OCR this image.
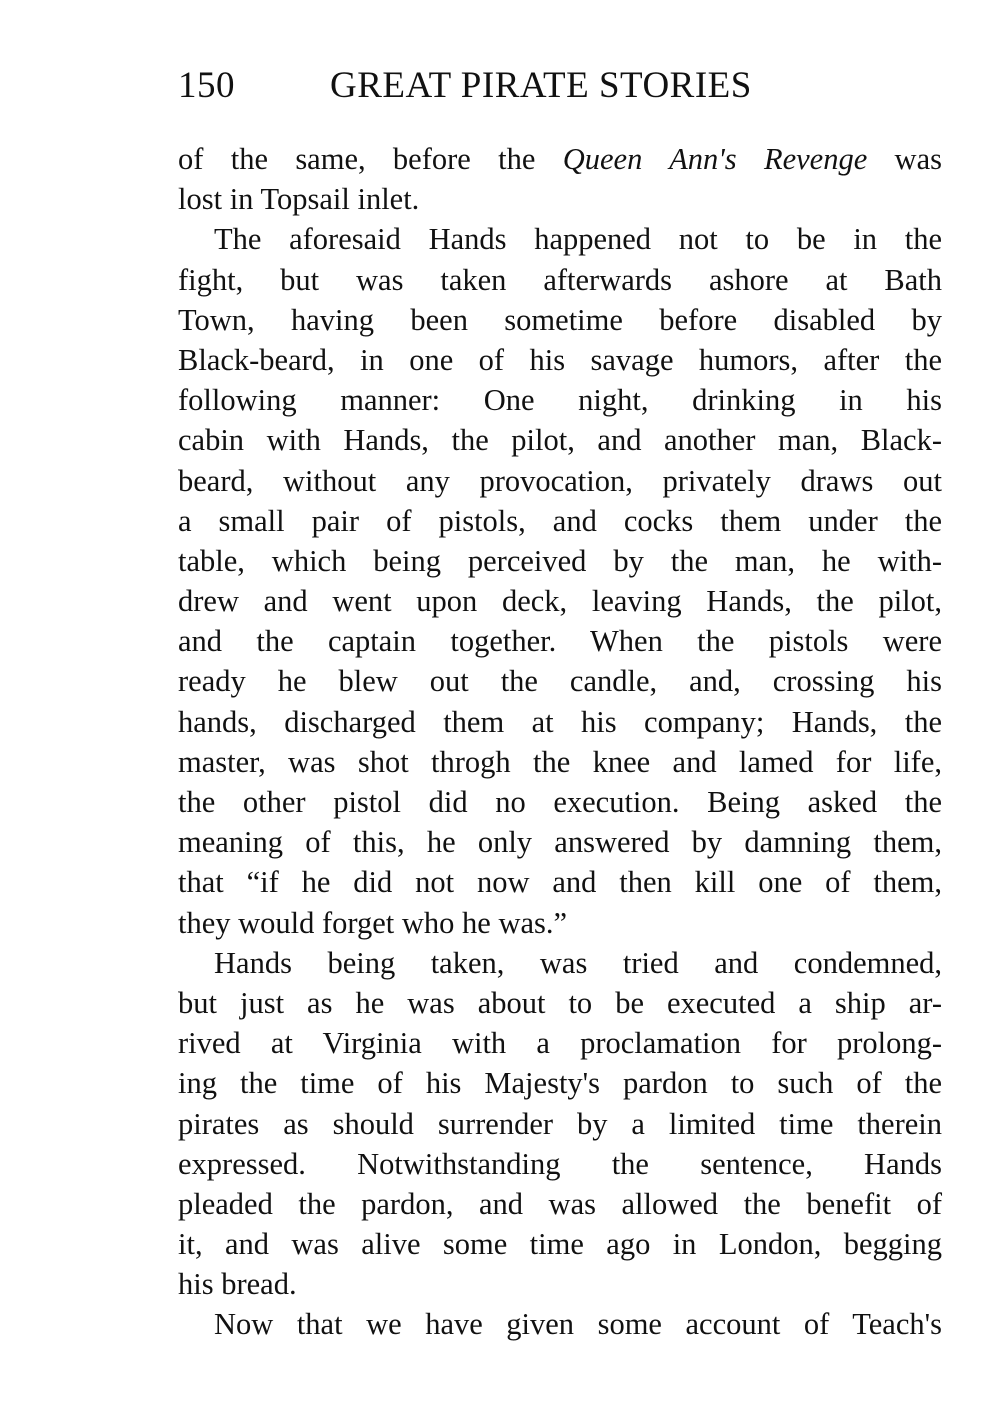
150	GREAT PIRATE STORIES
of the same, before the Queen Ann's Revenge was
lost in Topsail inlet.
The aforesaid Hands happened not to be in the
fight, but was taken afterwards ashore at Bath
Town, having been sometime before disabled by
Black-beard, in one of his savage humors, after the
following manner: One night, drinking in his
cabin with Hands, the pilot, and another man, Black-
beard, without any provocation, privately draws out
a small pair of pistols, and cocks them under the
table, which being perceived by the man, he with-
drew and went upon deck, leaving Hands, the pilot,
and the captain together. When the pistols were
ready he blew out the candle, and, crossing his
hands, discharged them at his company; Hands, the
master, was shot throgh the knee and lamed for life,
the other pistol did no execution. Being asked the
meaning of this, he only answered by damning them,
that “if he did not now and then kill one of them,
they would forget who he was.”
Hands being taken, was tried and condemned,
but just as he was about to be executed a ship ar-
rived at Virginia with a proclamation for prolong-
ing the time of his Majesty's pardon to such of the
pirates as should surrender by a limited time therein
expressed. Notwithstanding the sentence, Hands
pleaded the pardon, and was allowed the benefit of
it, and was alive some time ago in London, begging
his bread.
Now that we have given some account of Teach's
